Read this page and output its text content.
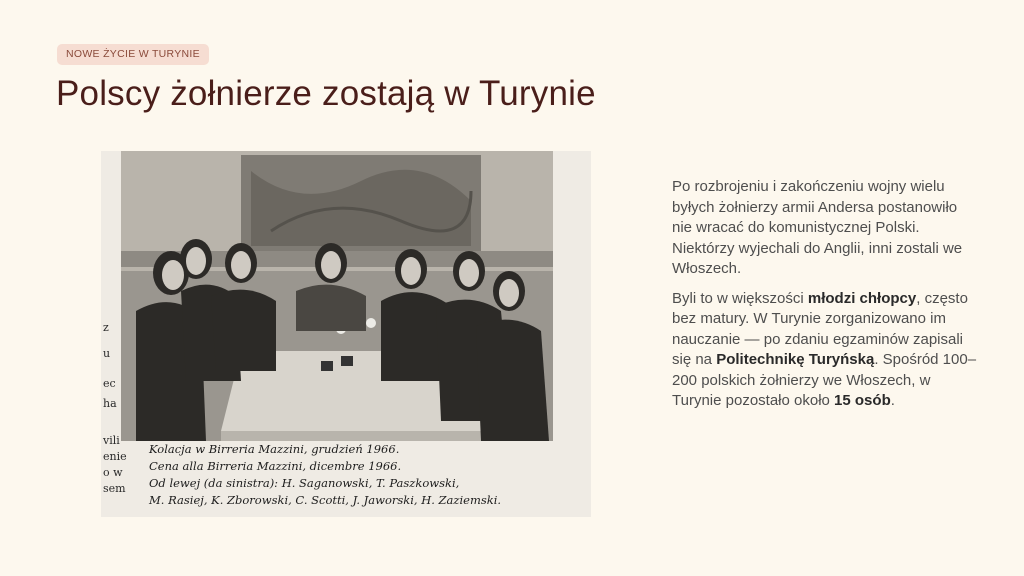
NOWE ŻYCIE W TURYNIE
Polscy żołnierze zostają w Turynie
z
u
ec
ha
vili
enie
o w
sem
Kolacja w Birreria Mazzini, grudzień 1966.
Cena alla Birreria Mazzini, dicembre 1966.
Od lewej (da sinistra): H. Saganowski, T. Paszkowski,
M. Rasiej, K. Zborowski, C. Scotti, J. Jaworski, H. Zaziemski.

Po rozbrojeniu i zakończeniu wojny wielu byłych żołnierzy armii Andersa postanowiło nie wracać do komunistycznej Polski. Niektórzy wyjechali do Anglii, inni zostali we Włoszech.

Byli to w większości młodzi chłopcy, często bez matury. W Turynie zorganizowano im nauczanie — po zdaniu egzaminów zapisali się na Politechnikę Turyńską. Spośród 100–200 polskich żołnierzy we Włoszech, w Turynie pozostało około 15 osób.
